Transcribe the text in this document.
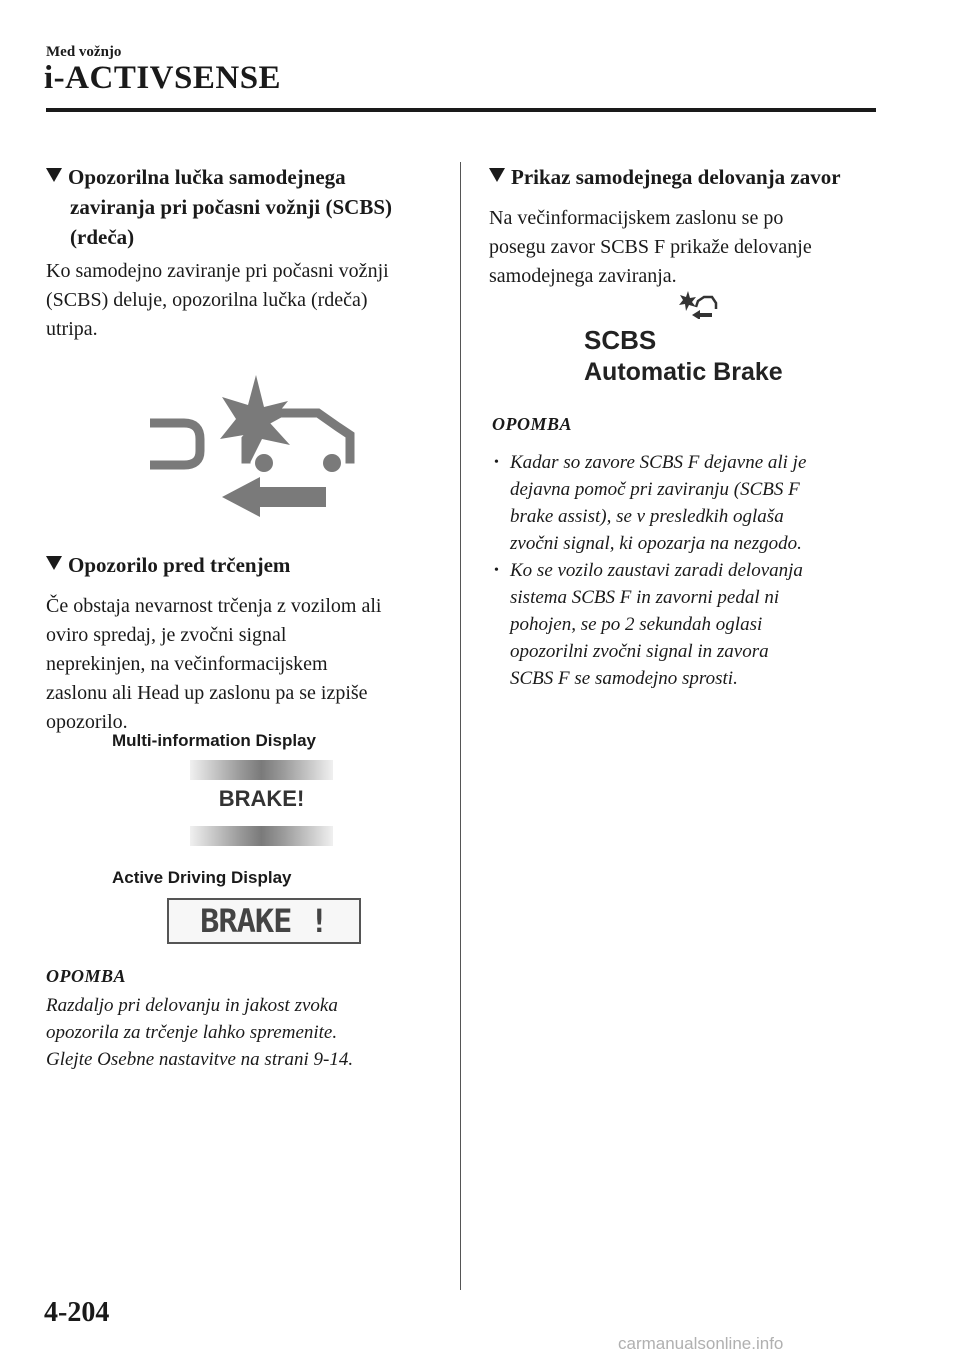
Med vožnjo
i-ACTIVSENSE
Opozorilna lučka samodejnega
zaviranja pri počasni vožnji (SCBS)
(rdeča)
Ko samodejno zaviranje pri počasni vožnji
(SCBS) deluje, opozorilna lučka (rdeča)
utripa.
Opozorilo pred trčenjem
Če obstaja nevarnost trčenja z vozilom ali
oviro spredaj, je zvočni signal
neprekinjen, na večinformacijskem
zaslonu ali Head up zaslonu pa se izpiše
opozorilo.
Multi-information Display
BRAKE!
Active Driving Display
BRAKE !
OPOMBA
Razdaljo pri delovanju in jakost zvoka
opozorila za trčenje lahko spremenite.
Glejte Osebne nastavitve na strani 9-14.
Prikaz samodejnega delovanja zavor
Na večinformacijskem zaslonu se po
posegu zavor SCBS F prikaže delovanje
samodejnega zaviranja.
SCBS
Automatic Brake
OPOMBA
• Kadar so zavore SCBS F dejavne ali je
dejavna pomoč pri zaviranju (SCBS F
brake assist), se v presledkih oglaša
zvočni signal, ki opozarja na nezgodo.
• Ko se vozilo zaustavi zaradi delovanja
sistema SCBS F in zavorni pedal ni
pohojen, se po 2 sekundah oglasi
opozorilni zvočni signal in zavora
SCBS F se samodejno sprosti.
4-204
carmanualsonline.info
